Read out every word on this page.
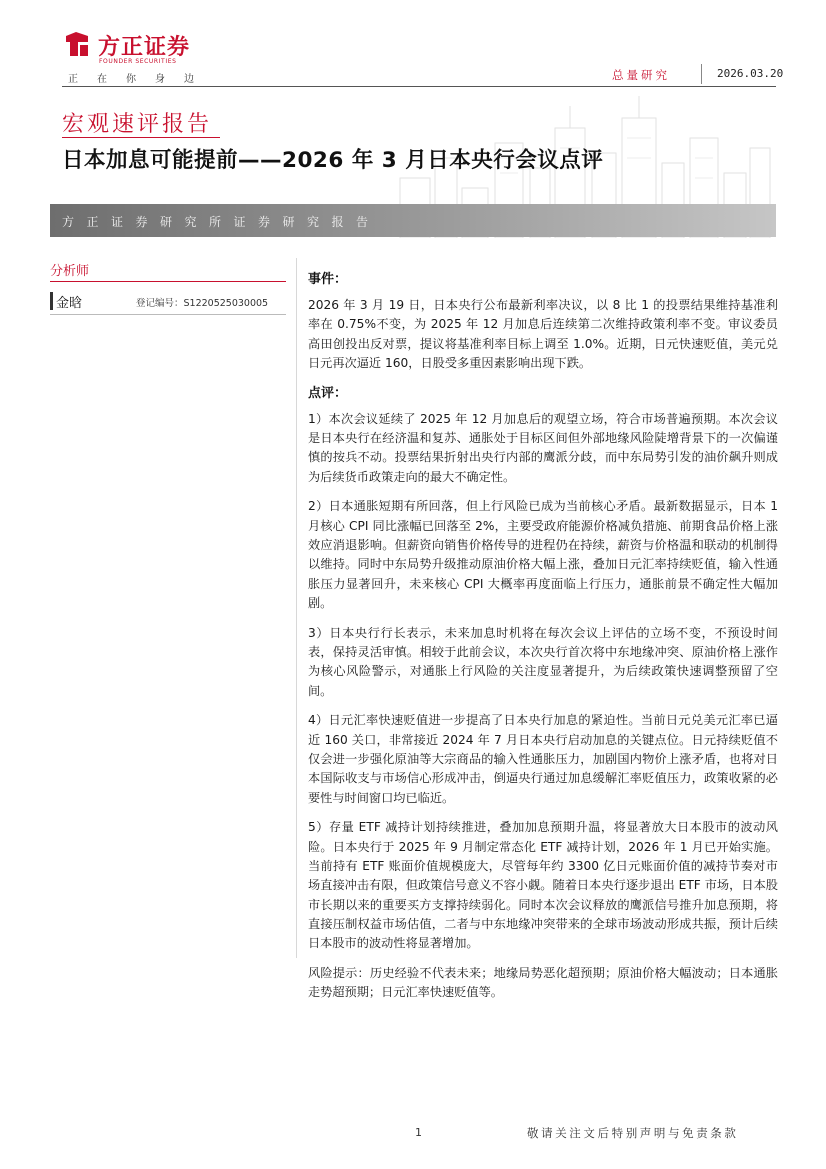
方正证券
FOUNDER SECURITIES
正在你身边	总量研究	2026.03.20
宏观速评报告
日本加息可能提前——2026 年 3 月日本央行会议点评
方正证券研究所证券研究报告
分析师
金晗	登记编号：S1220525030005
事件：

2026 年 3 月 19 日，日本央行公布最新利率决议，以 8 比 1 的投票结果维持基准利率在 0.75%不变，为 2025 年 12 月加息后连续第二次维持政策利率不变。审议委员高田创投出反对票，提议将基准利率目标上调至 1.0%。近期，日元快速贬值，美元兑日元再次逼近 160，日股受多重因素影响出现下跌。

点评：

1）本次会议延续了 2025 年 12 月加息后的观望立场，符合市场普遍预期。本次会议是日本央行在经济温和复苏、通胀处于目标区间但外部地缘风险陡增背景下的一次偏谨慎的按兵不动。投票结果折射出央行内部的鹰派分歧，而中东局势引发的油价飙升则成为后续货币政策走向的最大不确定性。

2）日本通胀短期有所回落，但上行风险已成为当前核心矛盾。最新数据显示，日本 1 月核心 CPI 同比涨幅已回落至 2%，主要受政府能源价格减负措施、前期食品价格上涨效应消退影响。但薪资向销售价格传导的进程仍在持续，薪资与价格温和联动的机制得以维持。同时中东局势升级推动原油价格大幅上涨，叠加日元汇率持续贬值，输入性通胀压力显著回升，未来核心 CPI 大概率再度面临上行压力，通胀前景不确定性大幅加剧。

3）日本央行行长表示，未来加息时机将在每次会议上评估的立场不变，不预设时间表，保持灵活审慎。相较于此前会议，本次央行首次将中东地缘冲突、原油价格上涨作为核心风险警示，对通胀上行风险的关注度显著提升，为后续政策快速调整预留了空间。

4）日元汇率快速贬值进一步提高了日本央行加息的紧迫性。当前日元兑美元汇率已逼近 160 关口，非常接近 2024 年 7 月日本央行启动加息的关键点位。日元持续贬值不仅会进一步强化原油等大宗商品的输入性通胀压力，加剧国内物价上涨矛盾，也将对日本国际收支与市场信心形成冲击，倒逼央行通过加息缓解汇率贬值压力，政策收紧的必要性与时间窗口均已临近。

5）存量 ETF 减持计划持续推进，叠加加息预期升温，将显著放大日本股市的波动风险。日本央行于 2025 年 9 月制定常态化 ETF 减持计划，2026 年 1 月已开始实施。当前持有 ETF 账面价值规模庞大，尽管每年约 3300 亿日元账面价值的减持节奏对市场直接冲击有限，但政策信号意义不容小觑。随着日本央行逐步退出 ETF 市场，日本股市长期以来的重要买方支撑持续弱化。同时本次会议释放的鹰派信号推升加息预期，将直接压制权益市场估值，二者与中东地缘冲突带来的全球市场波动形成共振，预计后续日本股市的波动性将显著增加。

风险提示：历史经验不代表未来；地缘局势恶化超预期；原油价格大幅波动；日本通胀走势超预期；日元汇率快速贬值等。

1	敬请关注文后特别声明与免责条款
